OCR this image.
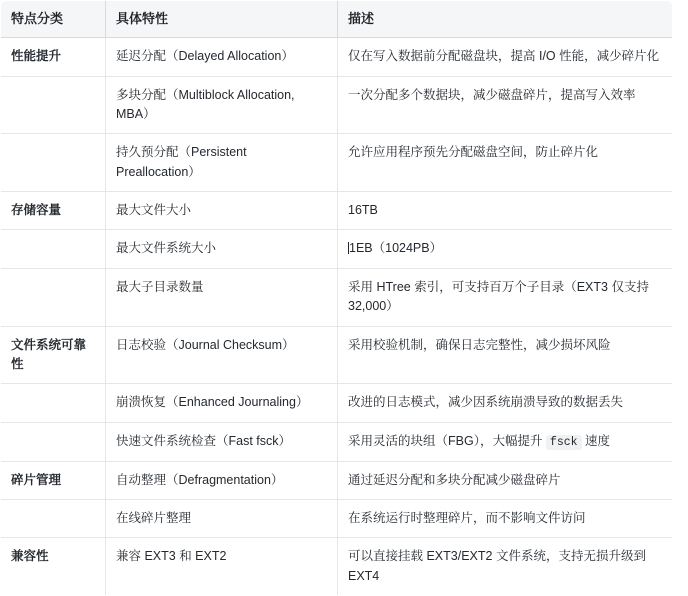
特点分类	具体特性	描述
性能提升	延迟分配（Delayed Allocation）	仅在写入数据前分配磁盘块，提高 I/O 性能，减少碎片化
	多块分配（Multiblock Allocation, MBA）	一次分配多个数据块，减少磁盘碎片，提高写入效率
	持久预分配（Persistent Preallocation）	允许应用程序预先分配磁盘空间，防止碎片化
存储容量	最大文件大小	16TB
	最大文件系统大小	1EB（1024PB）
	最大子目录数量	采用 HTree 索引，可支持百万个子目录（EXT3 仅支持 32,000）
文件系统可靠性	日志校验（Journal Checksum）	采用校验机制，确保日志完整性，减少损坏风险
	崩溃恢复（Enhanced Journaling）	改进的日志模式，减少因系统崩溃导致的数据丢失
	快速文件系统检查（Fast fsck）	采用灵活的块组（FBG），大幅提升 fsck 速度
碎片管理	自动整理（Defragmentation）	通过延迟分配和多块分配减少磁盘碎片
	在线碎片整理	在系统运行时整理碎片，而不影响文件访问
兼容性	兼容 EXT3 和 EXT2	可以直接挂载 EXT3/EXT2 文件系统，支持无损升级到 EXT4
